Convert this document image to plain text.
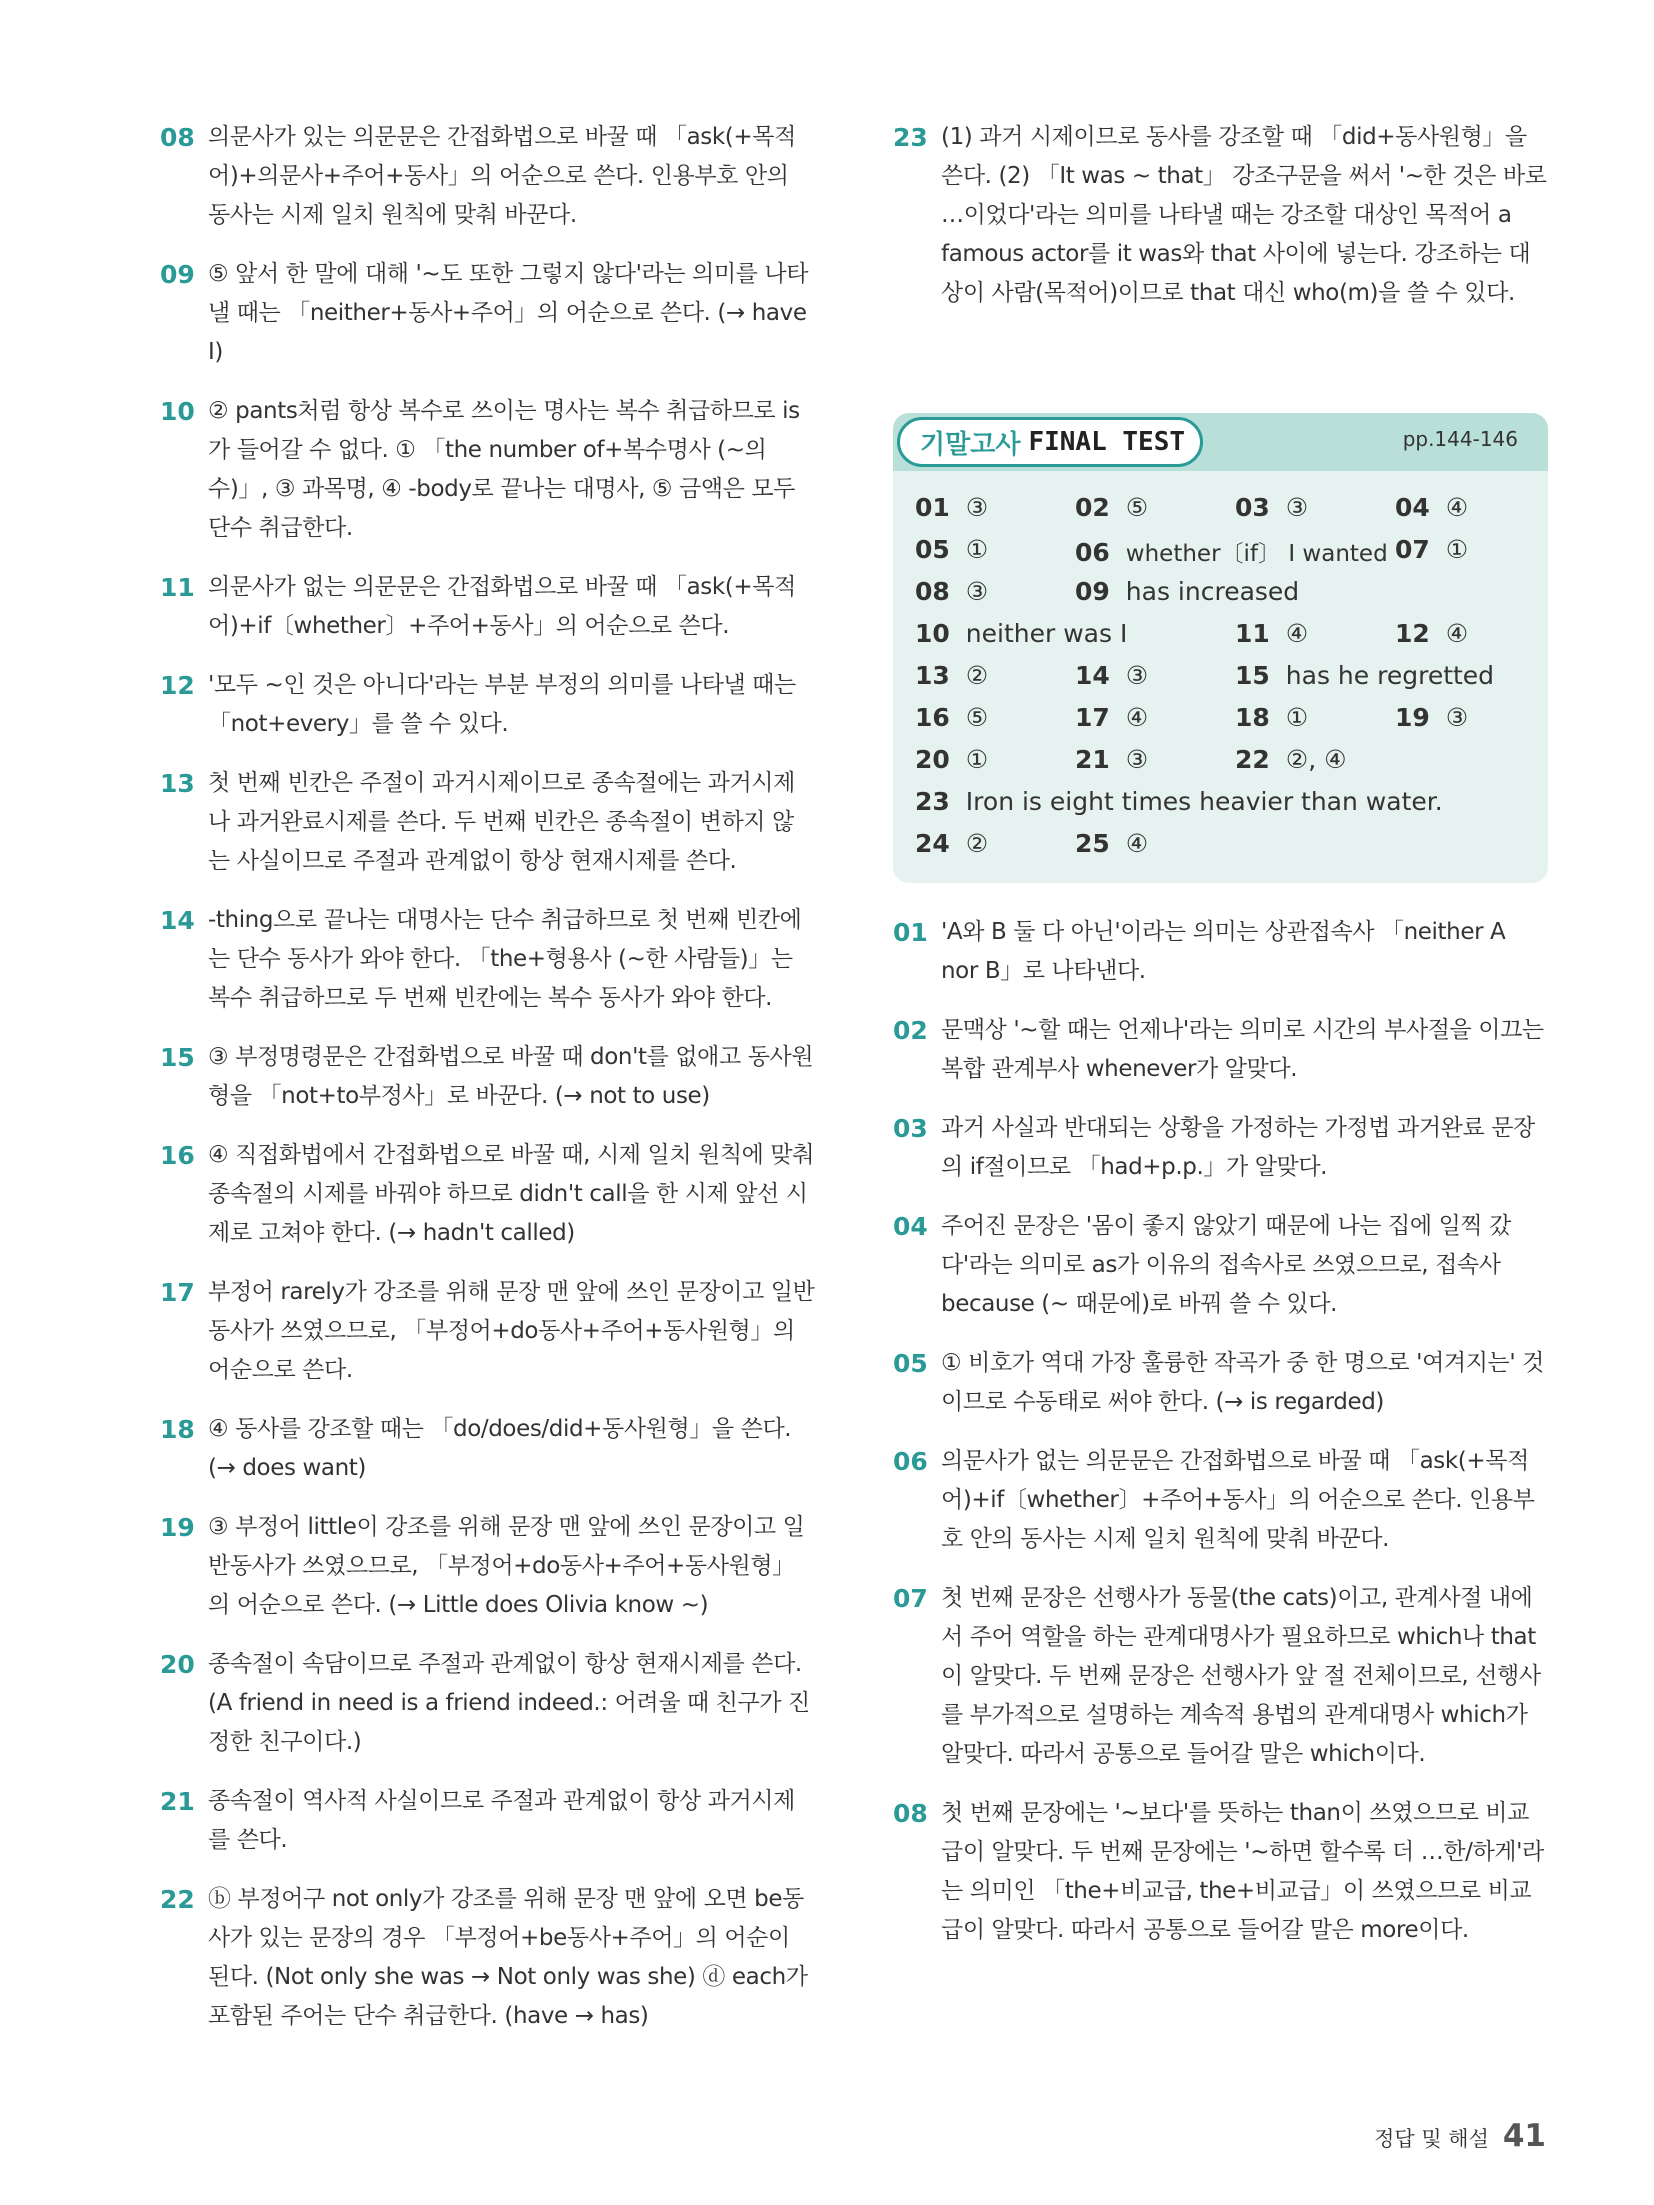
08 의문사가 있는 의문문은 간접화법으로 바꿀 때 「ask(+목적어)+의문사+주어+동사」의 어순으로 쓴다. 인용부호 안의 동사는 시제 일치 원칙에 맞춰 바꾼다.
09 ⑤ 앞서 한 말에 대해 '~도 또한 그렇지 않다'라는 의미를 나타낼 때는 「neither+동사+주어」의 어순으로 쓴다. (→ have I)
10 ② pants처럼 항상 복수로 쓰이는 명사는 복수 취급하므로 is가 들어갈 수 없다. ① 「the number of+복수명사 (~의 수)」, ③ 과목명, ④ -body로 끝나는 대명사, ⑤ 금액은 모두 단수 취급한다.
11 의문사가 없는 의문문은 간접화법으로 바꿀 때 「ask(+목적어)+if〔whether〕+주어+동사」의 어순으로 쓴다.
12 '모두 ~인 것은 아니다'라는 부분 부정의 의미를 나타낼 때는 「not+every」를 쓸 수 있다.
13 첫 번째 빈칸은 주절이 과거시제이므로 종속절에는 과거시제나 과거완료시제를 쓴다. 두 번째 빈칸은 종속절이 변하지 않는 사실이므로 주절과 관계없이 항상 현재시제를 쓴다.
14 -thing으로 끝나는 대명사는 단수 취급하므로 첫 번째 빈칸에는 단수 동사가 와야 한다. 「the+형용사 (~한 사람들)」는 복수 취급하므로 두 번째 빈칸에는 복수 동사가 와야 한다.
15 ③ 부정명령문은 간접화법으로 바꿀 때 don't를 없애고 동사원형을 「not+to부정사」로 바꾼다. (→ not to use)
16 ④ 직접화법에서 간접화법으로 바꿀 때, 시제 일치 원칙에 맞춰 종속절의 시제를 바꿔야 하므로 didn't call을 한 시제 앞선 시제로 고쳐야 한다. (→ hadn't called)
17 부정어 rarely가 강조를 위해 문장 맨 앞에 쓰인 문장이고 일반동사가 쓰였으므로, 「부정어+do동사+주어+동사원형」의 어순으로 쓴다.
18 ④ 동사를 강조할 때는 「do/does/did+동사원형」을 쓴다. (→ does want)
19 ③ 부정어 little이 강조를 위해 문장 맨 앞에 쓰인 문장이고 일반동사가 쓰였으므로, 「부정어+do동사+주어+동사원형」의 어순으로 쓴다. (→ Little does Olivia know ~)
20 종속절이 속담이므로 주절과 관계없이 항상 현재시제를 쓴다. (A friend in need is a friend indeed.: 어려울 때 친구가 진정한 친구이다.)
21 종속절이 역사적 사실이므로 주절과 관계없이 항상 과거시제를 쓴다.
22 ⓑ 부정어구 not only가 강조를 위해 문장 맨 앞에 오면 be동사가 있는 문장의 경우 「부정어+be동사+주어」의 어순이 된다. (Not only she was → Not only was she) ⓓ each가 포함된 주어는 단수 취급한다. (have → has)
23 (1) 과거 시제이므로 동사를 강조할 때 「did+동사원형」을 쓴다. (2) 「It was ~ that」 강조구문을 써서 '~한 것은 바로 …이었다'라는 의미를 나타낼 때는 강조할 대상인 목적어 a famous actor를 it was와 that 사이에 넣는다. 강조하는 대상이 사람(목적어)이므로 that 대신 who(m)을 쓸 수 있다.
기말고사 FINAL TEST	pp.144-146
01 ③	02 ⑤	03 ③	04 ④
05 ①	06 whether〔if〕 I wanted 07 ①
08 ③	09 has increased
10 neither was I	11 ④	12 ④
13 ②	14 ③	15 has he regretted
16 ⑤	17 ④	18 ①	19 ③
20 ①	21 ③	22 ②, ④
23 Iron is eight times heavier than water.
24 ②	25 ④
01 'A와 B 둘 다 아닌'이라는 의미는 상관접속사 「neither A nor B」로 나타낸다.
02 문맥상 '~할 때는 언제나'라는 의미로 시간의 부사절을 이끄는 복합 관계부사 whenever가 알맞다.
03 과거 사실과 반대되는 상황을 가정하는 가정법 과거완료 문장의 if절이므로 「had+p.p.」가 알맞다.
04 주어진 문장은 '몸이 좋지 않았기 때문에 나는 집에 일찍 갔다'라는 의미로 as가 이유의 접속사로 쓰였으므로, 접속사 because (~ 때문에)로 바꿔 쓸 수 있다.
05 ① 비호가 역대 가장 훌륭한 작곡가 중 한 명으로 '여겨지는' 것이므로 수동태로 써야 한다. (→ is regarded)
06 의문사가 없는 의문문은 간접화법으로 바꿀 때 「ask(+목적어)+if〔whether〕+주어+동사」의 어순으로 쓴다. 인용부호 안의 동사는 시제 일치 원칙에 맞춰 바꾼다.
07 첫 번째 문장은 선행사가 동물(the cats)이고, 관계사절 내에서 주어 역할을 하는 관계대명사가 필요하므로 which나 that이 알맞다. 두 번째 문장은 선행사가 앞 절 전체이므로, 선행사를 부가적으로 설명하는 계속적 용법의 관계대명사 which가 알맞다. 따라서 공통으로 들어갈 말은 which이다.
08 첫 번째 문장에는 '~보다'를 뜻하는 than이 쓰였으므로 비교급이 알맞다. 두 번째 문장에는 '~하면 할수록 더 …한/하게'라는 의미인 「the+비교급, the+비교급」이 쓰였으므로 비교급이 알맞다. 따라서 공통으로 들어갈 말은 more이다.
정답 및 해설 41
